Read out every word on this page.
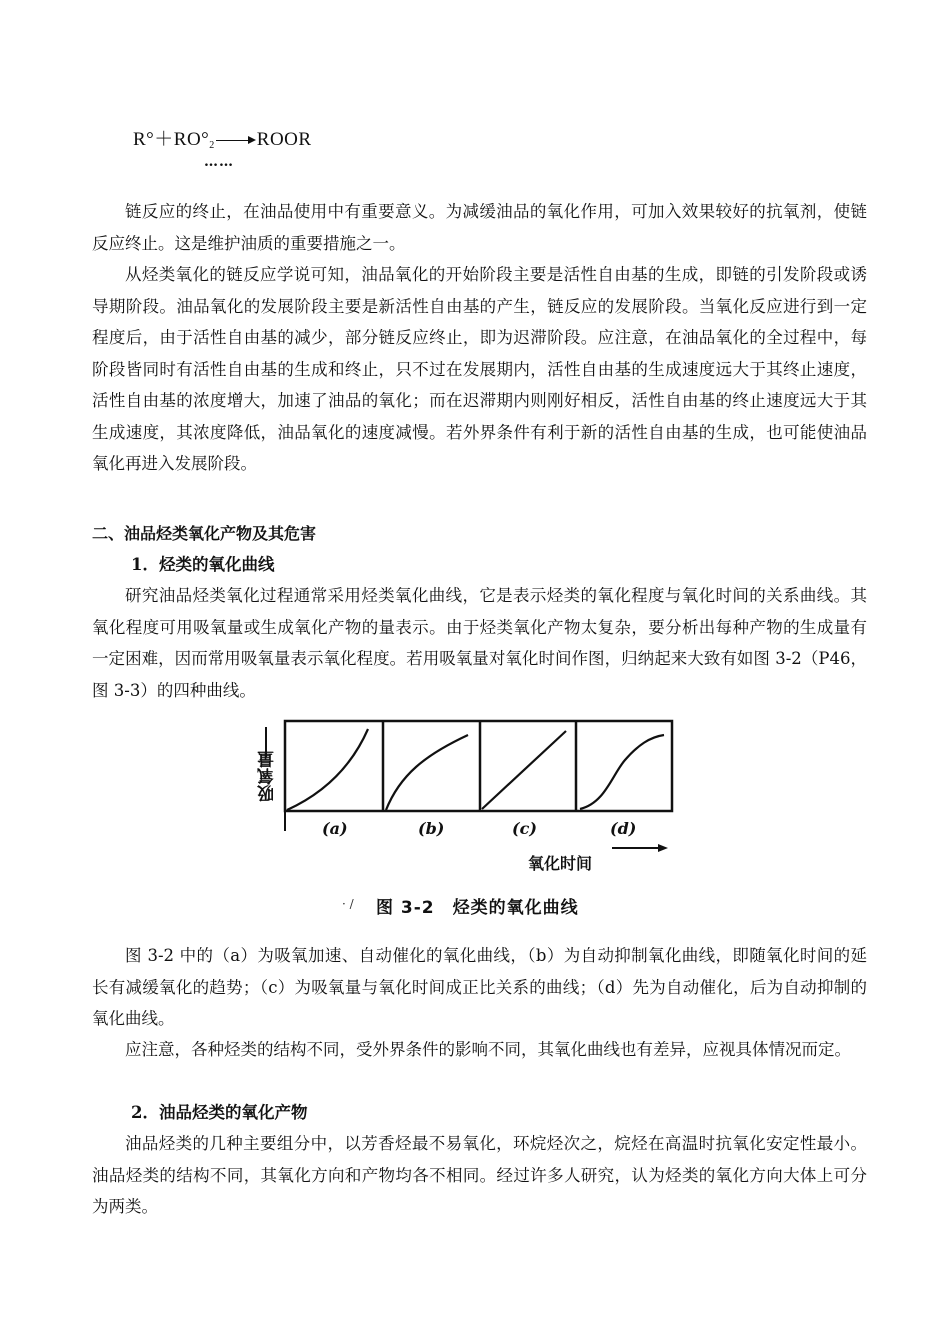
$R^\circ+RO^\circ_2$ ROOR
……

链反应的终止，在油品使用中有重要意义。为减缓油品的氧化作用，可加入效果较好的抗氧剂，使链反应终止。这是维护油质的重要措施之一。

从烃类氧化的链反应学说可知，油品氧化的开始阶段主要是活性自由基的生成，即链的引发阶段或诱导期阶段。油品氧化的发展阶段主要是新活性自由基的产生，链反应的发展阶段。当氧化反应进行到一定程度后，由于活性自由基的减少，部分链反应终止，即为迟滞阶段。应注意，在油品氧化的全过程中，每阶段皆同时有活性自由基的生成和终止，只不过在发展期内，活性自由基的生成速度远大于其终止速度，活性自由基的浓度增大，加速了油品的氧化；而在迟滞期内则刚好相反，活性自由基的终止速度远大于其生成速度，其浓度降低，油品氧化的速度减慢。若外界条件有利于新的活性自由基的生成，也可能使油品氧化再进入发展阶段。

二、油品烃类氧化产物及其危害
1．烃类的氧化曲线

研究油品烃类氧化过程通常采用烃类氧化曲线，它是表示烃类的氧化程度与氧化时间的关系曲线。其氧化程度可用吸氧量或生成氧化产物的量表示。由于烃类氧化产物太复杂，要分析出每种产物的生成量有一定困难，因而常用吸氧量表示氧化程度。若用吸氧量对氧化时间作图，归纳起来大致有如图 3-2（P46，图 3-3）的四种曲线。

吸氧量
(a)	(b)	(c)	(d)
氧化时间
· / 图 3-2 烃类的氧化曲线

图 3-2 中的（a）为吸氧加速、自动催化的氧化曲线，（b）为自动抑制氧化曲线，即随氧化时间的延长有减缓氧化的趋势；（c）为吸氧量与氧化时间成正比关系的曲线；（d）先为自动催化，后为自动抑制的氧化曲线。

应注意，各种烃类的结构不同，受外界条件的影响不同，其氧化曲线也有差异，应视具体情况而定。

2．油品烃类的氧化产物

油品烃类的几种主要组分中，以芳香烃最不易氧化，环烷烃次之，烷烃在高温时抗氧化安定性最小。油品烃类的结构不同，其氧化方向和产物均各不相同。经过许多人研究，认为烃类的氧化方向大体上可分为两类。
